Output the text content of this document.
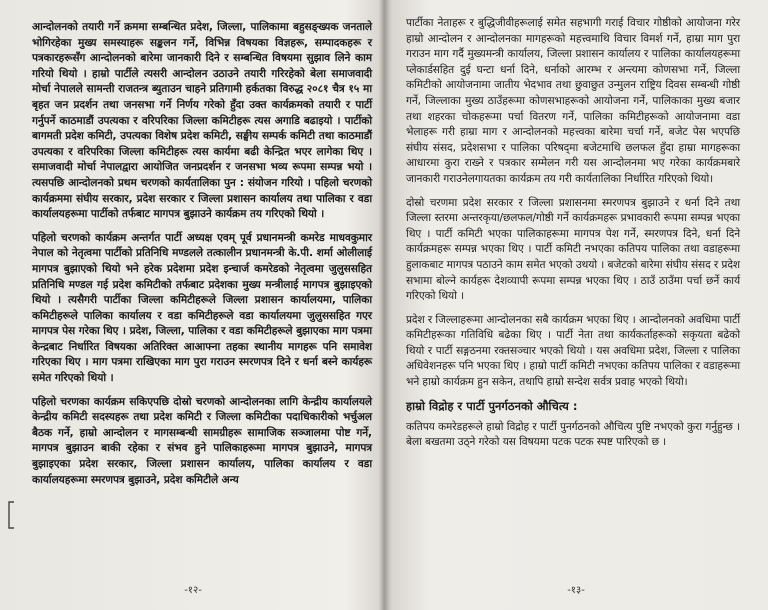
आन्दोलनको तयारी गर्ने क्रममा सम्बन्धित प्रदेश, जिल्ला, पालिकामा बहुसङ्ख्यक जनताले भोगिरहेका मुख्य समस्याहरू सङ्कलन गर्ने, विभिन्न विषयका विज्ञहरू, सम्पादकहरू र पत्रकारहरूसँग आन्दोलनको बारेमा जानकारी दिने र सम्बन्धित विषयमा सुझाव लिने काम गरियो थियो । हाम्रो पार्टीले त्यसरी आन्दोलन उठाउने तयारी गरिरहेको बेला समाजवादी मोर्चा नेपालले सामन्ती राजतन्त्र ब्युताउन चाहने प्रतिगामी हर्कतका विरुद्ध २०८१ चैत्र १५ मा बृहत जन प्रदर्शन तथा जनसभा गर्ने निर्णय गरेको हुँदा उक्त कार्यक्रमको तयारी र पार्टी गर्नुपर्ने काठमाडौं उपत्यका र वरिपरिका जिल्ला कमिटीहरू त्यस अगाडि बढाइयो । पार्टीको बागमती प्रदेश कमिटी, उपत्यका विशेष प्रदेश कमिटी, सङ्घीय सम्पर्क कमिटी तथा काठमाडौं उपत्यका र वरिपरिका जिल्ला कमिटीहरू त्यस कार्यमा बढी केन्द्रित भएर लागेका थिए । समाजवादी मोर्चा नेपालद्वारा आयोजित जनप्रदर्शन र जनसभा भव्य रूपमा सम्पन्न भयो । त्यसपछि आन्दोलनको प्रथम चरणको कार्यतालिका पुन : संयोजन गरियो । पहिलो चरणको कार्यक्रममा संघीय सरकार, प्रदेश सरकार र जिल्ला प्रशासन कार्यालय तथा पालिका र वडा कार्यालयहरूमा पार्टीको तर्फबाट मागपत्र बुझाउने कार्यक्रम तय गरिएको थियो ।

पहिलो चरणको कार्यक्रम अन्तर्गत पार्टी अध्यक्ष एवम् पूर्व प्रधानमन्त्री कमरेड माधवकुमार नेपाल को नेतृत्वमा पार्टीको प्रतिनिधि मण्डलले तत्कालीन प्रधानमन्त्री के.पी. शर्मा ओलीलाई मागपत्र बुझाएको थियो भने हरेक प्रदेशमा प्रदेश इन्चार्ज कमरेडको नेतृत्वमा जुलुससहित प्रतिनिधि मण्डल गई प्रदेश कमिटीको तर्फबाट प्रदेशका मुख्य मन्त्रीलाई मागपत्र बुझाइएको थियो । त्यसैगरी पार्टीका जिल्ला कमिटीहरूले जिल्ला प्रशासन कार्यालयमा, पालिका कमिटीहरूले पालिका कार्यालय र वडा कमिटीहरूले वडा कार्यालयमा जुलुससहित गएर मागपत्र पेस गरेका थिए । प्रदेश, जिल्ला, पालिका र वडा कमिटीहरूले बुझाएका माग पत्रमा केन्द्रबाट निर्धारित विषयका अतिरिक्त आआफ्ना तहका स्थानीय मागहरू पनि समावेश गरिएका थिए । माग पत्रमा राखिएका माग पुरा गराउन स्मरणपत्र दिने र धर्ना बस्ने कार्यहरू समेत गरिएको थियो ।

पहिलो चरणका कार्यक्रम सकिएपछि दोस्रो चरणको आन्दोलनका लागि केन्द्रीय कार्यालयले केन्द्रीय कमिटी सदस्यहरू तथा प्रदेश कमिटी र जिल्ला कमिटीका पदाधिकारीको भर्चुअल बैठक गर्ने, हाम्रो आन्दोलन र मागसम्बन्धी सामग्रीहरू सामाजिक सञ्जालमा पोष्ट गर्ने, मागपत्र बुझाउन बाकी रहेका र संभव हुने पालिकाहरूमा मागपत्र बुझाउने, मागपत्र बुझाइएका प्रदेश सरकार, जिल्ला प्रशासन कार्यालय, पालिका कार्यालय र वडा कार्यालयहरूमा स्मरणपत्र बुझाउने, प्रदेश कमिटीले अन्य

-१२-

पार्टीका नेताहरू र बुद्धिजीवीहरूलाई समेत सहभागी गराई विचार गोष्ठीको आयोजना गरेर हाम्रो आन्दोलन र आन्दोलनका मागहरूको महत्त्वमाथि विचार विमर्श गर्ने, हाम्रा माग पुरा गराउन माग गर्दै मुख्यमन्त्री कार्यालय, जिल्ला प्रशासन कार्यालय र पालिका कार्यालयहरूमा प्लेकार्डसहित दुई घन्टा धर्ना दिने, धर्नाको आरम्भ र अन्त्यमा कोणसभा गर्ने, जिल्ला कमिटीको आयोजनामा जातीय भेदभाव तथा छुवाछुत उन्मुलन राष्ट्रिय दिवस सम्बन्धी गोष्ठी गर्ने, जिल्लाका मुख्य ठाउँहरूमा कोणसभाहरूको आयोजना गर्ने, पालिकाका मुख्य बजार तथा शहरका चोकहरूमा पर्चा वितरण गर्ने, पालिका कमिटीहरूको आयोजनामा वडा भेलाहरू गरी हाम्रा माग र आन्दोलनको महत्त्वका बारेमा चर्चा गर्ने, बजेट पेस भएपछि संघीय संसद, प्रदेशसभा र पालिका परिषद्‌मा बजेटमाथि छलफल हुँदा हाम्रा मागहरूका आधारमा कुरा राख्ने र पत्रकार सम्मेलन गरी यस आन्दोलनमा भए गरेका कार्यक्रमबारे जानकारी गराउनेलगायतका कार्यक्रम तय गरी कार्यतालिका निर्धारित गरिएको थियो।

दोस्रो चरणमा प्रदेश सरकार र जिल्ला प्रशासनमा स्मरणपत्र बुझाउने र धर्ना दिने तथा जिल्ला स्तरमा अन्तरकृया/छलफल/गोष्ठी गर्ने कार्यक्रमहरू प्रभावकारी रूपमा सम्पन्न भएका थिए । पार्टी कमिटी भएका पालिकाहरूमा मागपत्र पेश गर्ने, स्मरणपत्र दिने, धर्ना दिने कार्यक्रमहरू सम्पन्न भएका थिए । पार्टी कमिटी नभएका कतिपय पालिका तथा वडाहरूमा हुलाकबाट मागपत्र पठाउने काम समेत भएको उथयो । बजेटको बारेमा संघीय संसद र प्रदेश सभामा बोल्ने कार्यहरू देशव्यापी रूपमा सम्पन्न भएका थिए । ठाउँ ठाउँमा पर्चा छर्ने कार्य गरिएको थियो ।

प्रदेश र जिल्लाहरूमा आन्दोलनका सबै कार्यक्रम भएका थिए । आन्दोलनको अवधिमा पार्टी कमिटीहरूका गतिविधि बढेका थिए । पार्टी नेता तथा कार्यकर्ताहरूको सकृयता बढेको थियो र पार्टी सङ्गठनमा रक्तसञ्चार भएको थियो । यस अवधिमा प्रदेश, जिल्ला र पालिका अधिवेशनहरू पनि भएका थिए । हाम्रो पार्टी कमिटी नभएका कतिपय पालिका र वडाहरूमा भने हाम्रो कार्यक्रम हुन सकेन, तथापि हाम्रो सन्देश सर्वत्र प्रवाह भएको थियो।

हाम्रो विद्रोह र पार्टी पुनर्गठनको औचित्य :

कतिपय कमरेडहरूले हाम्रो विद्रोह र पार्टी पुनर्गठनको औचित्य पुष्टि नभएको कुरा गर्नुहुन्छ । बेला बखतमा उठ्ने गरेको यस विषयमा पटक पटक स्पष्ट पारिएको छ ।

-१३-
